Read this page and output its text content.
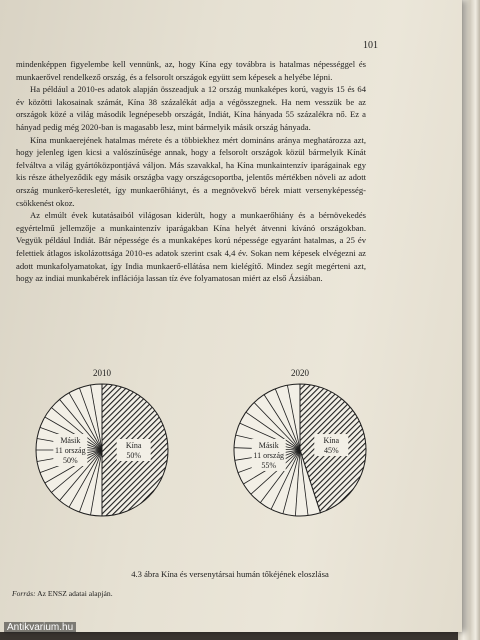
101

mindenképpen figyelembe kell vennünk, az, hogy Kína egy továbbra is hatalmas népességgel és munkaerővel rendelkező ország, és a felsorolt országok együtt sem képesek a helyébe lépni.

Ha például a 2010-es adatok alapján összeadjuk a 12 ország munkaképes korú, vagyis 15 és 64 év közötti lakosainak számát, Kína 38 százalékát adja a végösszegnek. Ha nem vesszük be az országok közé a világ második legnépesebb országát, Indiát, Kína hányada 55 százalékra nő. Ez a hányad pedig még 2020-ban is magasabb lesz, mint bármelyik másik ország hányada.

Kína munkaerejének hatalmas mérete és a többiekhez mért domináns aránya meghatározza azt, hogy jelenleg igen kicsi a valószínűsége annak, hogy a felsorolt országok közül bármelyik Kínát felváltva a világ gyártóközpontjává váljon. Más szavakkal, ha Kína munkaintenzív iparágainak egy kis része áthelyeződik egy másik országba vagy országcsoportba, jelentős mértékben növeli az adott ország munkerő-keresletét, így munkaerőhiányt, és a megnövekvő bérek miatt versenyképesség-csökkenést okoz.

Az elmúlt évek kutatásaiból világosan kiderült, hogy a munkaerőhiány és a bérnövekedés egyértelmű jellemzője a munkaintenzív iparágakban Kína helyét átvenni kívánó országokban. Vegyük például Indiát. Bár népessége és a munkaképes korú népessége egyaránt hatalmas, a 25 év felettiek átlagos iskolázottsága 2010-es adatok szerint csak 4,4 év. Sokan nem képesek elvégezni az adott munkafolyamatokat, így India munkaerő-ellátása nem kielégítő. Mindez segít megérteni azt, hogy az indiai munkabérek inflációja lassan tíz éve folyamatosan miért az első Ázsiában.

2010
Kína 50%
Másik 11 ország 50%
2020
Kína 45%
Másik 11 ország 55%
4.3 ábra Kína és versenytársai humán tőkéjének eloszlása
Forrás: Az ENSZ adatai alapján.
Antikvarium.hu
